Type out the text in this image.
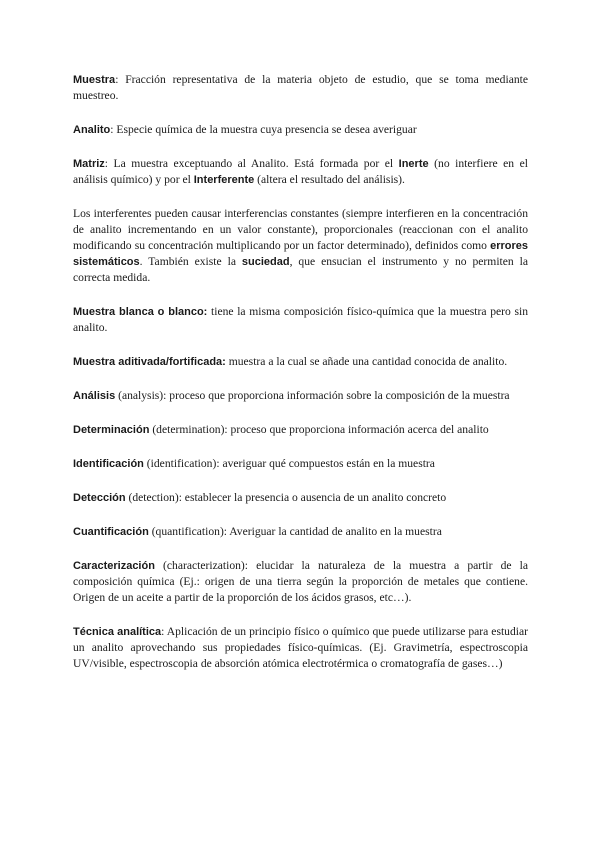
Muestra: Fracción representativa de la materia objeto de estudio, que se toma mediante muestreo.

Analito: Especie química de la muestra cuya presencia se desea averiguar

Matriz: La muestra exceptuando al Analito. Está formada por el Inerte (no interfiere en el análisis químico) y por el Interferente (altera el resultado del análisis).

Los interferentes pueden causar interferencias constantes (siempre interfieren en la concentración de analito incrementando en un valor constante), proporcionales (reaccionan con el analito modificando su concentración multiplicando por un factor determinado), definidos como errores sistemáticos. También existe la suciedad, que ensucian el instrumento y no permiten la correcta medida.

Muestra blanca o blanco: tiene la misma composición físico-química que la muestra pero sin analito.

Muestra aditivada/fortificada: muestra a la cual se añade una cantidad conocida de analito.

Análisis (analysis): proceso que proporciona información sobre la composición de la muestra

Determinación (determination): proceso que proporciona información acerca del analito

Identificación (identification): averiguar qué compuestos están en la muestra

Detección (detection): establecer la presencia o ausencia de un analito concreto

Cuantificación (quantification): Averiguar la cantidad de analito en la muestra

Caracterización (characterization): elucidar la naturaleza de la muestra a partir de la composición química (Ej.: origen de una tierra según la proporción de metales que contiene. Origen de un aceite a partir de la proporción de los ácidos grasos, etc…).

Técnica analítica: Aplicación de un principio físico o químico que puede utilizarse para estudiar un analito aprovechando sus propiedades físico-químicas. (Ej. Gravimetría, espectroscopia UV/visible, espectroscopia de absorción atómica electrotérmica o cromatografía de gases…)
